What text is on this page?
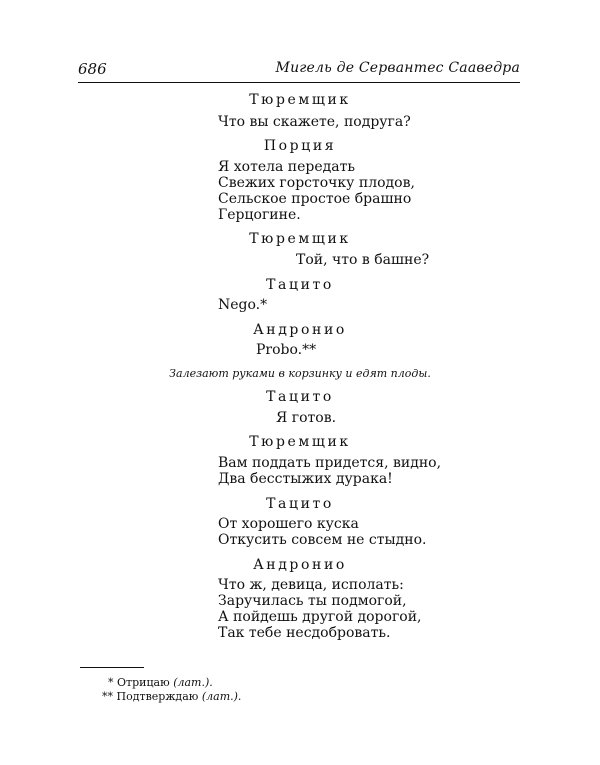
686	Мигель де Сервантес Сааведра
Тюремщик
Что вы скажете, подруга?
Порция
Я хотела передать
Свежих горсточку плодов,
Сельское простое брашно
Герцогине.
Тюремщик
Той, что в башне?
Тацито
Nego.*
Андронио
Probo.**
Залезают руками в корзинку и едят плоды.
Тацито
Я готов.
Тюремщик
Вам поддать придется, видно,
Два бесстыжих дурака!
Тацито
От хорошего куска
Откусить совсем не стыдно.
Андронио
Что ж, девица, исполать:
Заручилась ты подмогой,
А пойдешь другой дорогой,
Так тебе несдобровать.
* Отрицаю (лат.).
** Подтверждаю (лат.).
